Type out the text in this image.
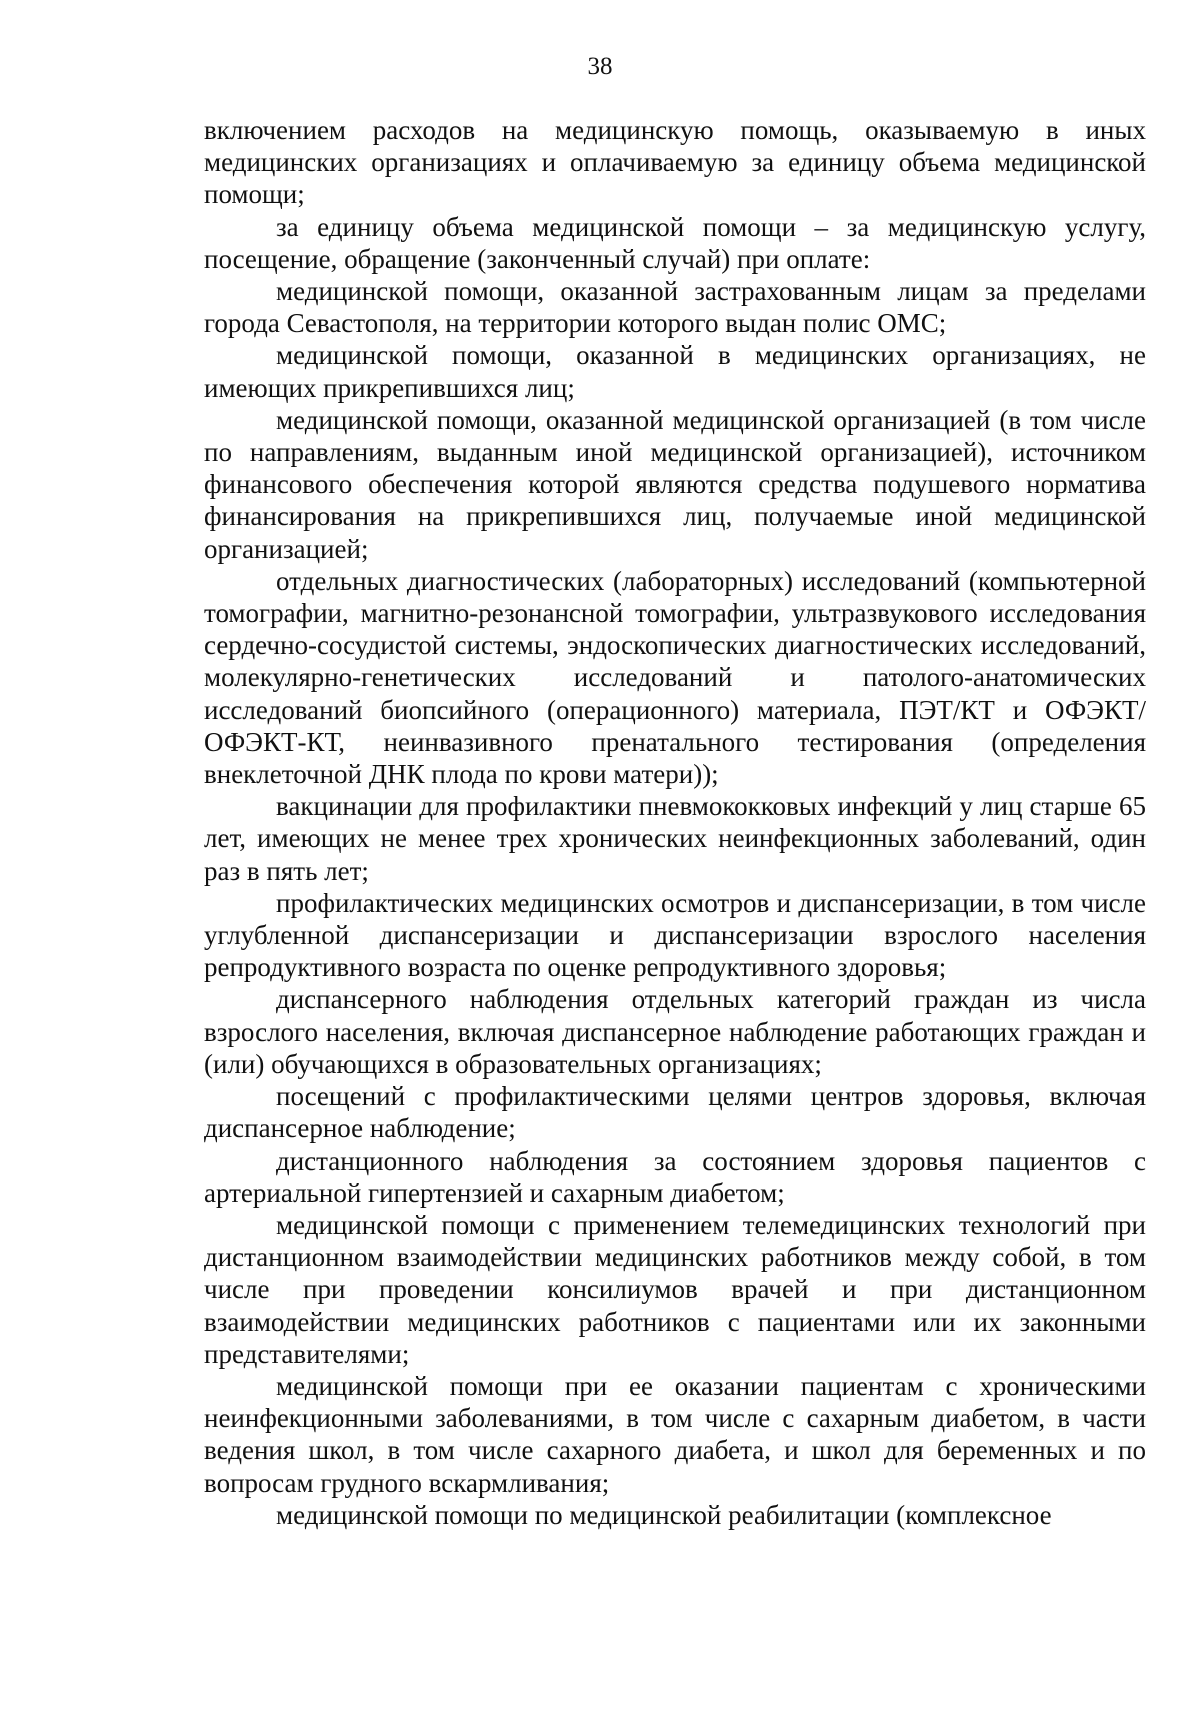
38

включением расходов на медицинскую помощь, оказываемую в иных медицинских организациях и оплачиваемую за единицу объема медицинской помощи;

за единицу объема медицинской помощи – за медицинскую услугу, посещение, обращение (законченный случай) при оплате:

медицинской помощи, оказанной застрахованным лицам за пределами города Севастополя, на территории которого выдан полис ОМС;

медицинской помощи, оказанной в медицинских организациях, не имеющих прикрепившихся лиц;

медицинской помощи, оказанной медицинской организацией (в том числе по направлениям, выданным иной медицинской организацией), источником финансового обеспечения которой являются средства подушевого норматива финансирования на прикрепившихся лиц, получаемые иной медицинской организацией;

отдельных диагностических (лабораторных) исследований (компьютерной томографии, магнитно-резонансной томографии, ультразвукового исследования сердечно-сосудистой системы, эндоскопических диагностических исследований, молекулярно-генетических исследований и патолого-анатомических исследований биопсийного (операционного) материала, ПЭТ/КТ и ОФЭКТ/ОФЭКТ-КТ, неинвазивного пренатального тестирования (определения внеклеточной ДНК плода по крови матери));

вакцинации для профилактики пневмококковых инфекций у лиц старше 65 лет, имеющих не менее трех хронических неинфекционных заболеваний, один раз в пять лет;

профилактических медицинских осмотров и диспансеризации, в том числе углубленной диспансеризации и диспансеризации взрослого населения репродуктивного возраста по оценке репродуктивного здоровья;

диспансерного наблюдения отдельных категорий граждан из числа взрослого населения, включая диспансерное наблюдение работающих граждан и (или) обучающихся в образовательных организациях;

посещений с профилактическими целями центров здоровья, включая диспансерное наблюдение;

дистанционного наблюдения за состоянием здоровья пациентов с артериальной гипертензией и сахарным диабетом;

медицинской помощи с применением телемедицинских технологий при дистанционном взаимодействии медицинских работников между собой, в том числе при проведении консилиумов врачей и при дистанционном взаимодействии медицинских работников с пациентами или их законными представителями;

медицинской помощи при ее оказании пациентам с хроническими неинфекционными заболеваниями, в том числе с сахарным диабетом, в части ведения школ, в том числе сахарного диабета, и школ для беременных и по вопросам грудного вскармливания;

медицинской помощи по медицинской реабилитации (комплексное
